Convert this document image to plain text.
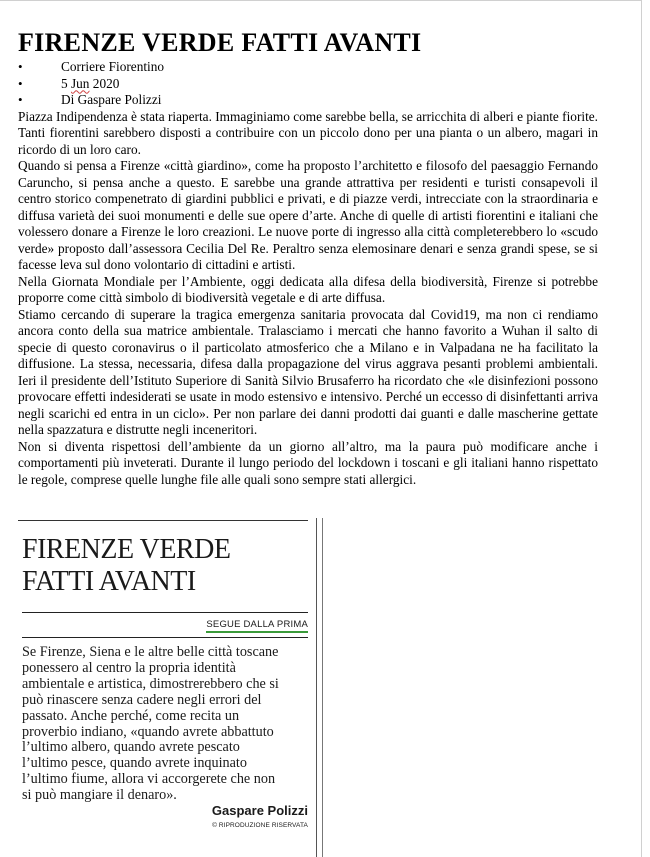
FIRENZE VERDE FATTI AVANTI
• Corriere Fiorentino
• 5 Jun 2020
• Di Gaspare Polizzi

Piazza Indipendenza è stata riaperta. Immaginiamo come sarebbe bella, se arricchita di alberi e piante fiorite. Tanti fiorentini sarebbero disposti a contribuire con un piccolo dono per una pianta o un albero, magari in ricordo di un loro caro.

Quando si pensa a Firenze «città giardino», come ha proposto l’architetto e filosofo del paesaggio Fernando Caruncho, si pensa anche a questo. E sarebbe una grande attrattiva per residenti e turisti consapevoli il centro storico compenetrato di giardini pubblici e privati, e di piazze verdi, intrecciate con la straordinaria e diffusa varietà dei suoi monumenti e delle sue opere d’arte. Anche di quelle di artisti fiorentini e italiani che volessero donare a Firenze le loro creazioni. Le nuove porte di ingresso alla città completerebbero lo «scudo verde» proposto dall’assessora Cecilia Del Re. Peraltro senza elemosinare denari e senza grandi spese, se si facesse leva sul dono volontario di cittadini e artisti.

Nella Giornata Mondiale per l’Ambiente, oggi dedicata alla difesa della biodiversità, Firenze si potrebbe proporre come città simbolo di biodiversità vegetale e di arte diffusa.

Stiamo cercando di superare la tragica emergenza sanitaria provocata dal Covid19, ma non ci rendiamo ancora conto della sua matrice ambientale. Tralasciamo i mercati che hanno favorito a Wuhan il salto di specie di questo coronavirus o il particolato atmosferico che a Milano e in Valpadana ne ha facilitato la diffusione. La stessa, necessaria, difesa dalla propagazione del virus aggrava pesanti problemi ambientali. Ieri il presidente dell’Istituto Superiore di Sanità Silvio Brusaferro ha ricordato che «le disinfezioni possono provocare effetti indesiderati se usate in modo estensivo e intensivo. Perché un eccesso di disinfettanti arriva negli scarichi ed entra in un ciclo». Per non parlare dei danni prodotti dai guanti e dalle mascherine gettate nella spazzatura e distrutte negli inceneritori.

Non si diventa rispettosi dell’ambiente da un giorno all’altro, ma la paura può modificare anche i comportamenti più inveterati. Durante il lungo periodo del lockdown i toscani e gli italiani hanno rispettato le regole, comprese quelle lunghe file alle quali sono sempre stati allergici.

FIRENZE VERDE
FATTI AVANTI
SEGUE DALLA PRIMA
Se Firenze, Siena e le altre belle città toscane
ponessero al centro la propria identità
ambientale e artistica, dimostrerebbero che si
può rinascere senza cadere negli errori del
passato. Anche perché, come recita un
proverbio indiano, «quando avrete abbattuto
l’ultimo albero, quando avrete pescato
l’ultimo pesce, quando avrete inquinato
l’ultimo fiume, allora vi accorgerete che non
si può mangiare il denaro».
Gaspare Polizzi
© RIPRODUZIONE RISERVATA
